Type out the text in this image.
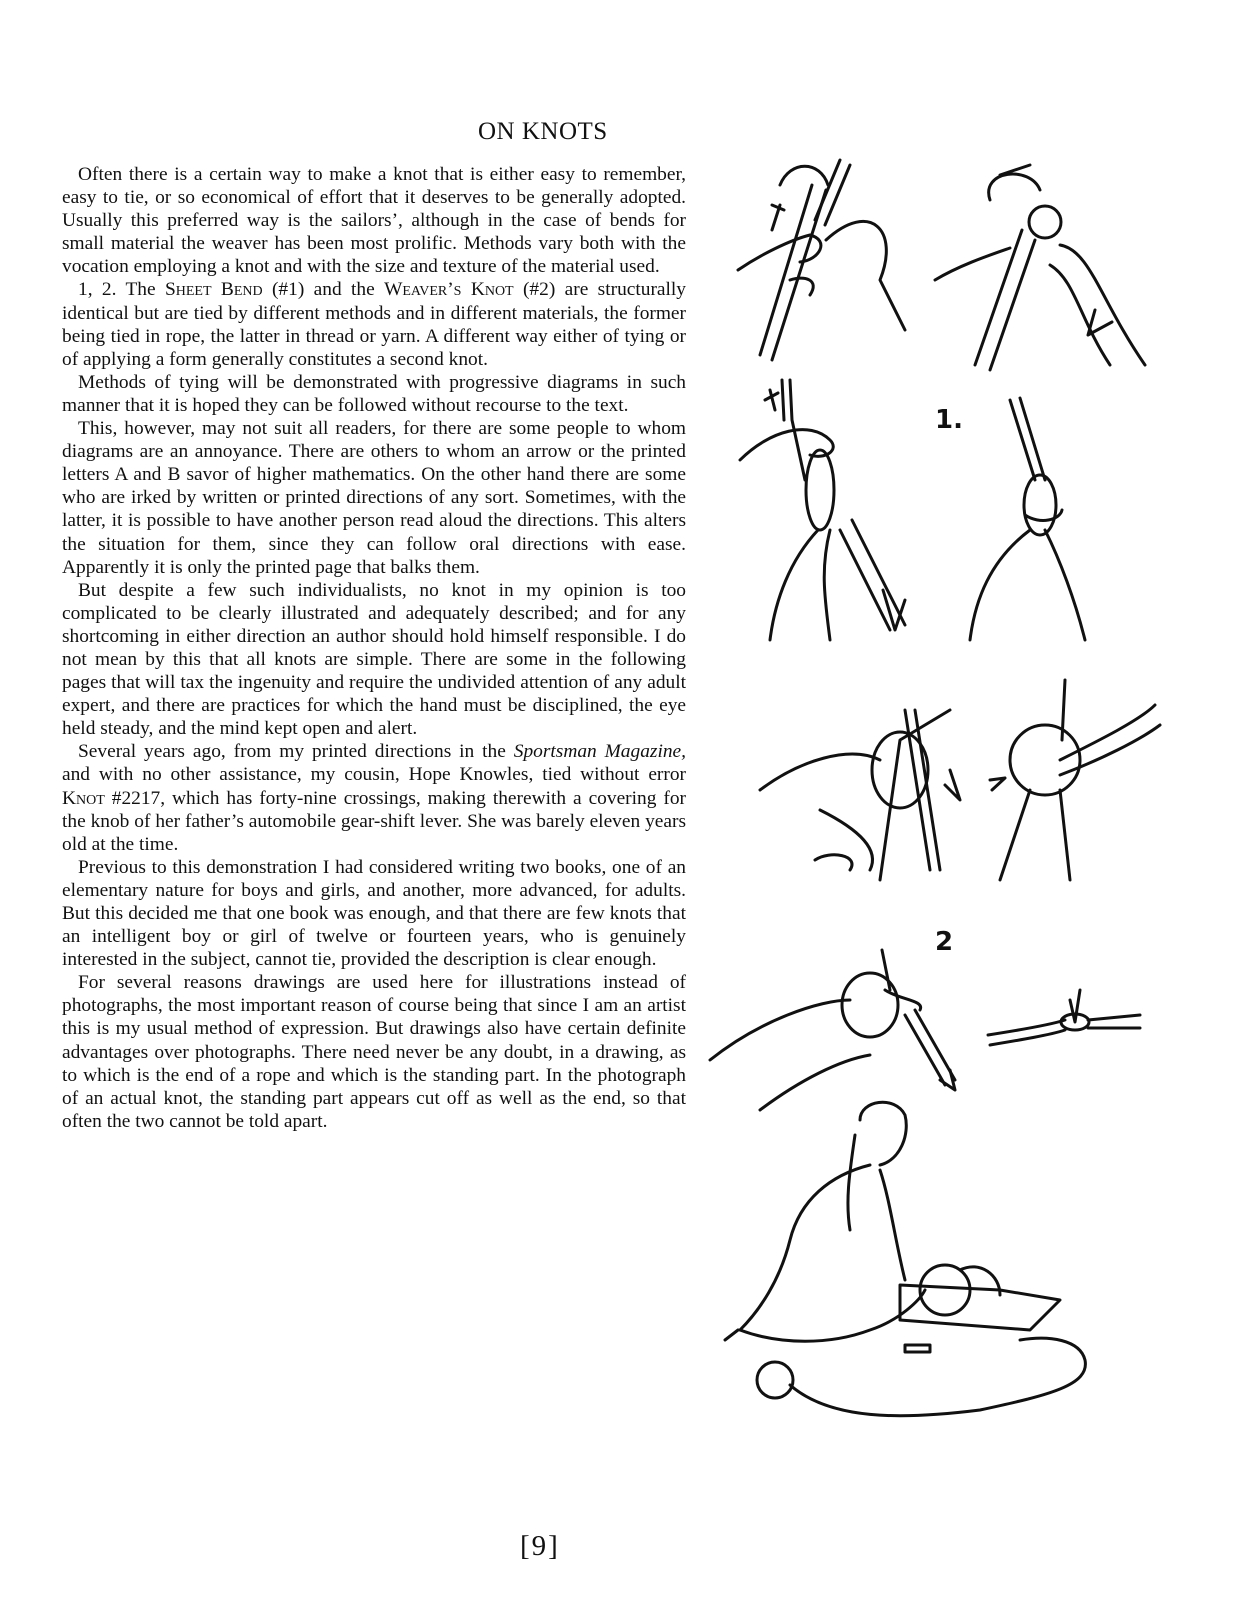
ON KNOTS

Often there is a certain way to make a knot that is either easy to remember, easy to tie, or so economical of effort that it deserves to be generally adopted. Usually this preferred way is the sailors’, although in the case of bends for small material the weaver has been most prolific. Methods vary both with the vocation employing a knot and with the size and texture of the material used.

1, 2. The Sheet Bend (#1) and the Weaver’s Knot (#2) are structurally identical but are tied by different methods and in different materials, the former being tied in rope, the latter in thread or yarn. A different way either of tying or of applying a form generally constitutes a second knot.

Methods of tying will be demonstrated with progressive diagrams in such manner that it is hoped they can be followed without recourse to the text.

This, however, may not suit all readers, for there are some people to whom diagrams are an annoyance. There are others to whom an arrow or the printed letters A and B savor of higher mathematics. On the other hand there are some who are irked by written or printed directions of any sort. Sometimes, with the latter, it is possible to have another person read aloud the directions. This alters the situation for them, since they can follow oral directions with ease. Apparently it is only the printed page that balks them.

But despite a few such individualists, no knot in my opinion is too complicated to be clearly illustrated and adequately described; and for any shortcoming in either direction an author should hold himself responsible. I do not mean by this that all knots are simple. There are some in the following pages that will tax the ingenuity and require the undivided attention of any adult expert, and there are practices for which the hand must be disciplined, the eye held steady, and the mind kept open and alert.

Several years ago, from my printed directions in the Sportsman Magazine, and with no other assistance, my cousin, Hope Knowles, tied without error Knot #2217, which has forty-nine crossings, making therewith a covering for the knob of her father’s automobile gear-shift lever. She was barely eleven years old at the time.

Previous to this demonstration I had considered writing two books, one of an elementary nature for boys and girls, and another, more advanced, for adults. But this decided me that one book was enough, and that there are few knots that an intelligent boy or girl of twelve or fourteen years, who is genuinely interested in the subject, cannot tie, provided the description is clear enough.

For several reasons drawings are used here for illustrations instead of photographs, the most important reason of course being that since I am an artist this is my usual method of expression. But drawings also have certain definite advantages over photographs. There need never be any doubt, in a drawing, as to which is the end of a rope and which is the standing part. In the photograph of an actual knot, the standing part appears cut off as well as the end, so that often the two cannot be told apart.

1.
2
[9]
